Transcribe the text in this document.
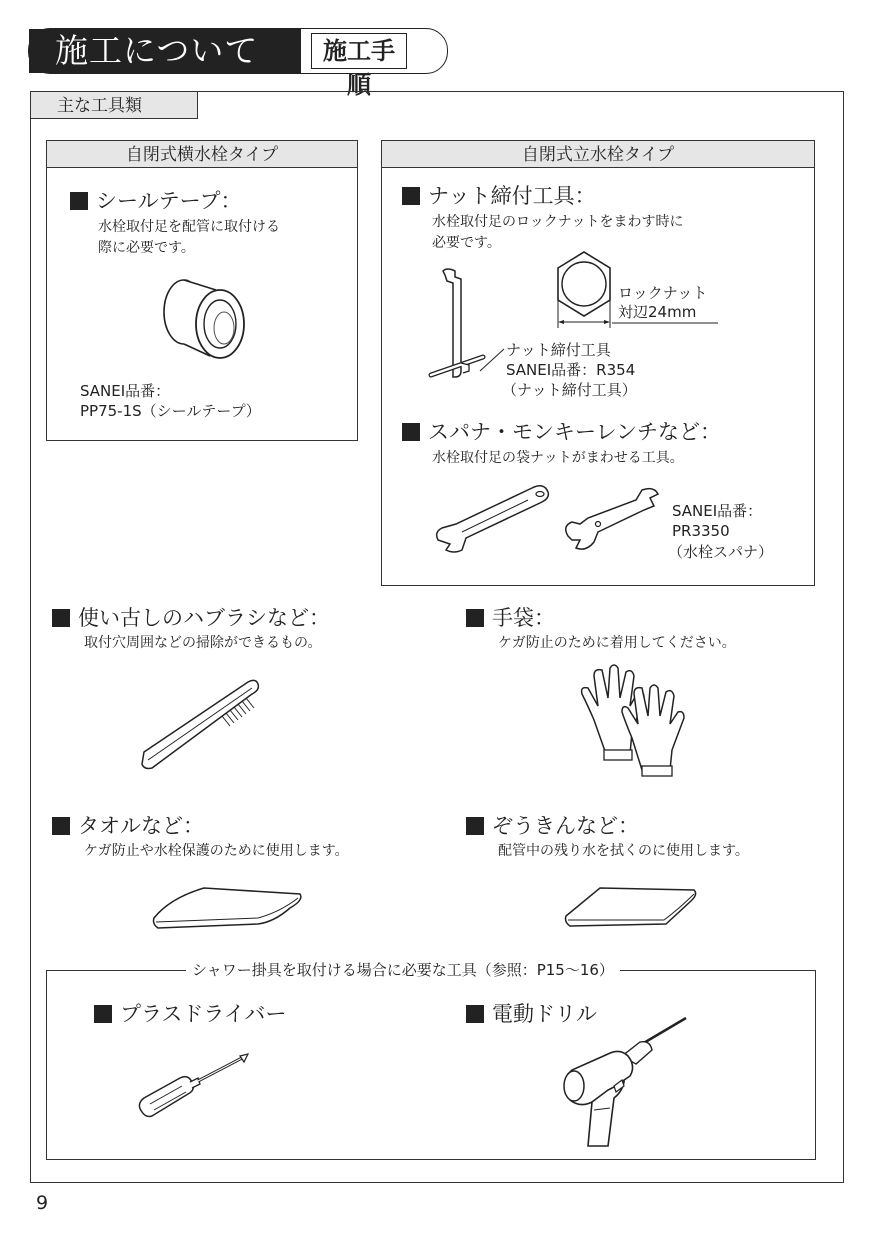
施工について	施工手順
主な工具類
自閉式横水栓タイプ
シールテープ：
水栓取付足を配管に取付ける
際に必要です。
SANEI品番：
PP75-1S（シールテープ）
自閉式立水栓タイプ
ナット締付工具：
水栓取付足のロックナットをまわす時に
必要です。
ロックナット
対辺24mm
ナット締付工具
SANEI品番：R354
（ナット締付工具）
スパナ・モンキーレンチなど：
水栓取付足の袋ナットがまわせる工具。
SANEI品番：
PR3350
（水栓スパナ）
使い古しのハブラシなど：
取付穴周囲などの掃除ができるもの。
手袋：
ケガ防止のために着用してください。
タオルなど：
ケガ防止や水栓保護のために使用します。
ぞうきんなど：
配管中の残り水を拭くのに使用します。
シャワー掛具を取付ける場合に必要な工具（参照：P15〜16）
プラスドライバー	電動ドリル
9
